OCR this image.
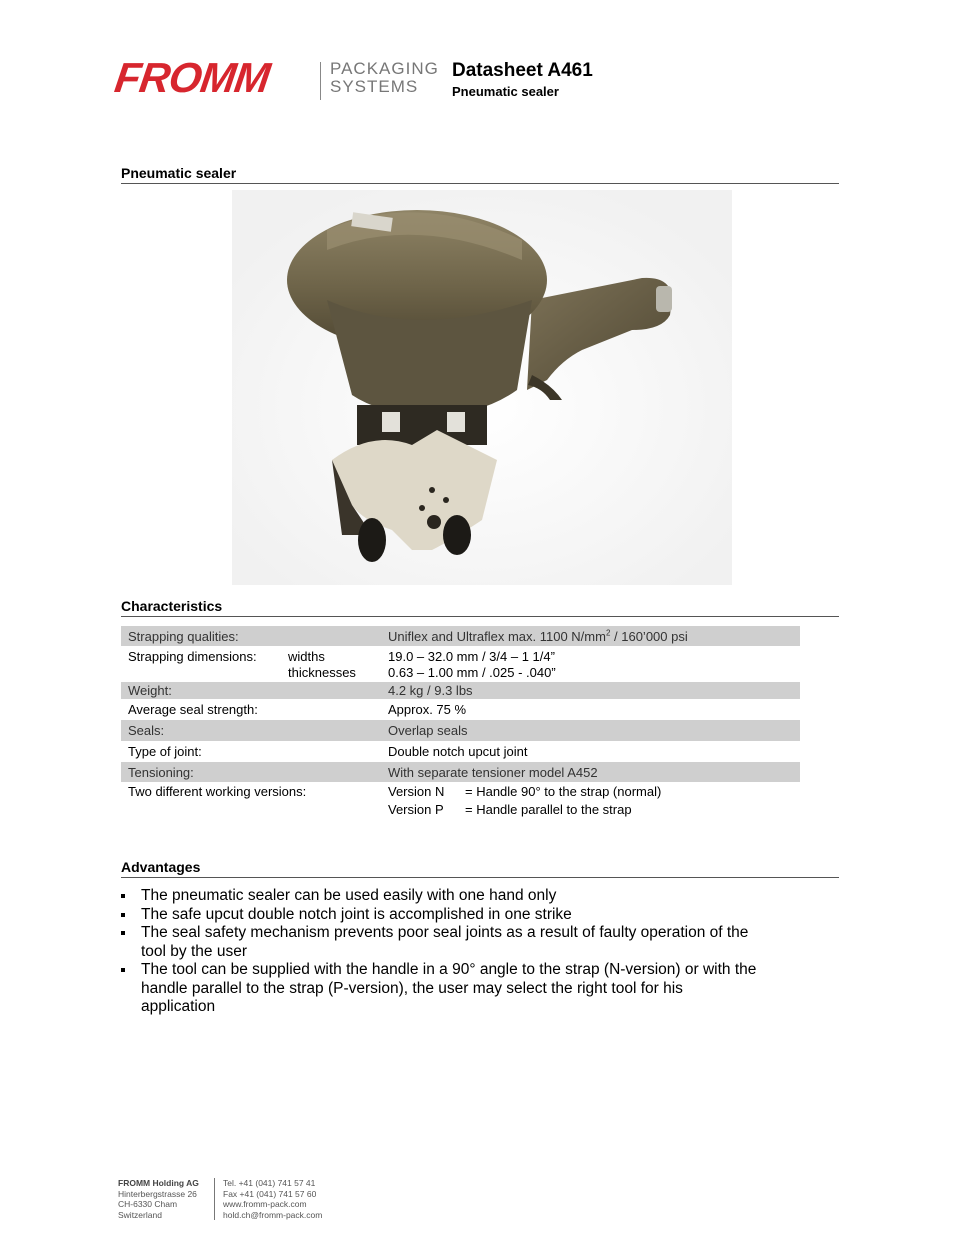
FROMM	PACKAGING
SYSTEMS
Datasheet A461
Pneumatic sealer
Pneumatic sealer
Characteristics
Strapping qualities:	Uniflex and Ultraflex max. 1100 $N/mm^2$ / 160’000 psi
Strapping dimensions: widths	19.0 – 32.0 mm / 3/4 – 1 1/4”
thicknesses 0.63 – 1.00 mm / .025 - .040”
Weight:	4.2 kg / 9.3 lbs
Average seal strength:	Approx. 75 %
Seals:	Overlap seals
Type of joint:	Double notch upcut joint
Tensioning:	With separate tensioner model A452
Two different working versions:	Version N = Handle 90° to the strap (normal)
Version P = Handle parallel to the strap
Advantages
The pneumatic sealer can be used easily with one hand only
The safe upcut double notch joint is accomplished in one strike
The seal safety mechanism prevents poor seal joints as a result of faulty operation of the tool by the user
The tool can be supplied with the handle in a 90° angle to the strap (N-version) or with the handle parallel to the strap (P-version), the user may select the right tool for his application
FROMM Holding AG
Hinterbergstrasse 26
CH-6330 Cham
Switzerland
Tel. +41 (041) 741 57 41
Fax +41 (041) 741 57 60
www.fromm-pack.com
hold.ch@fromm-pack.com
